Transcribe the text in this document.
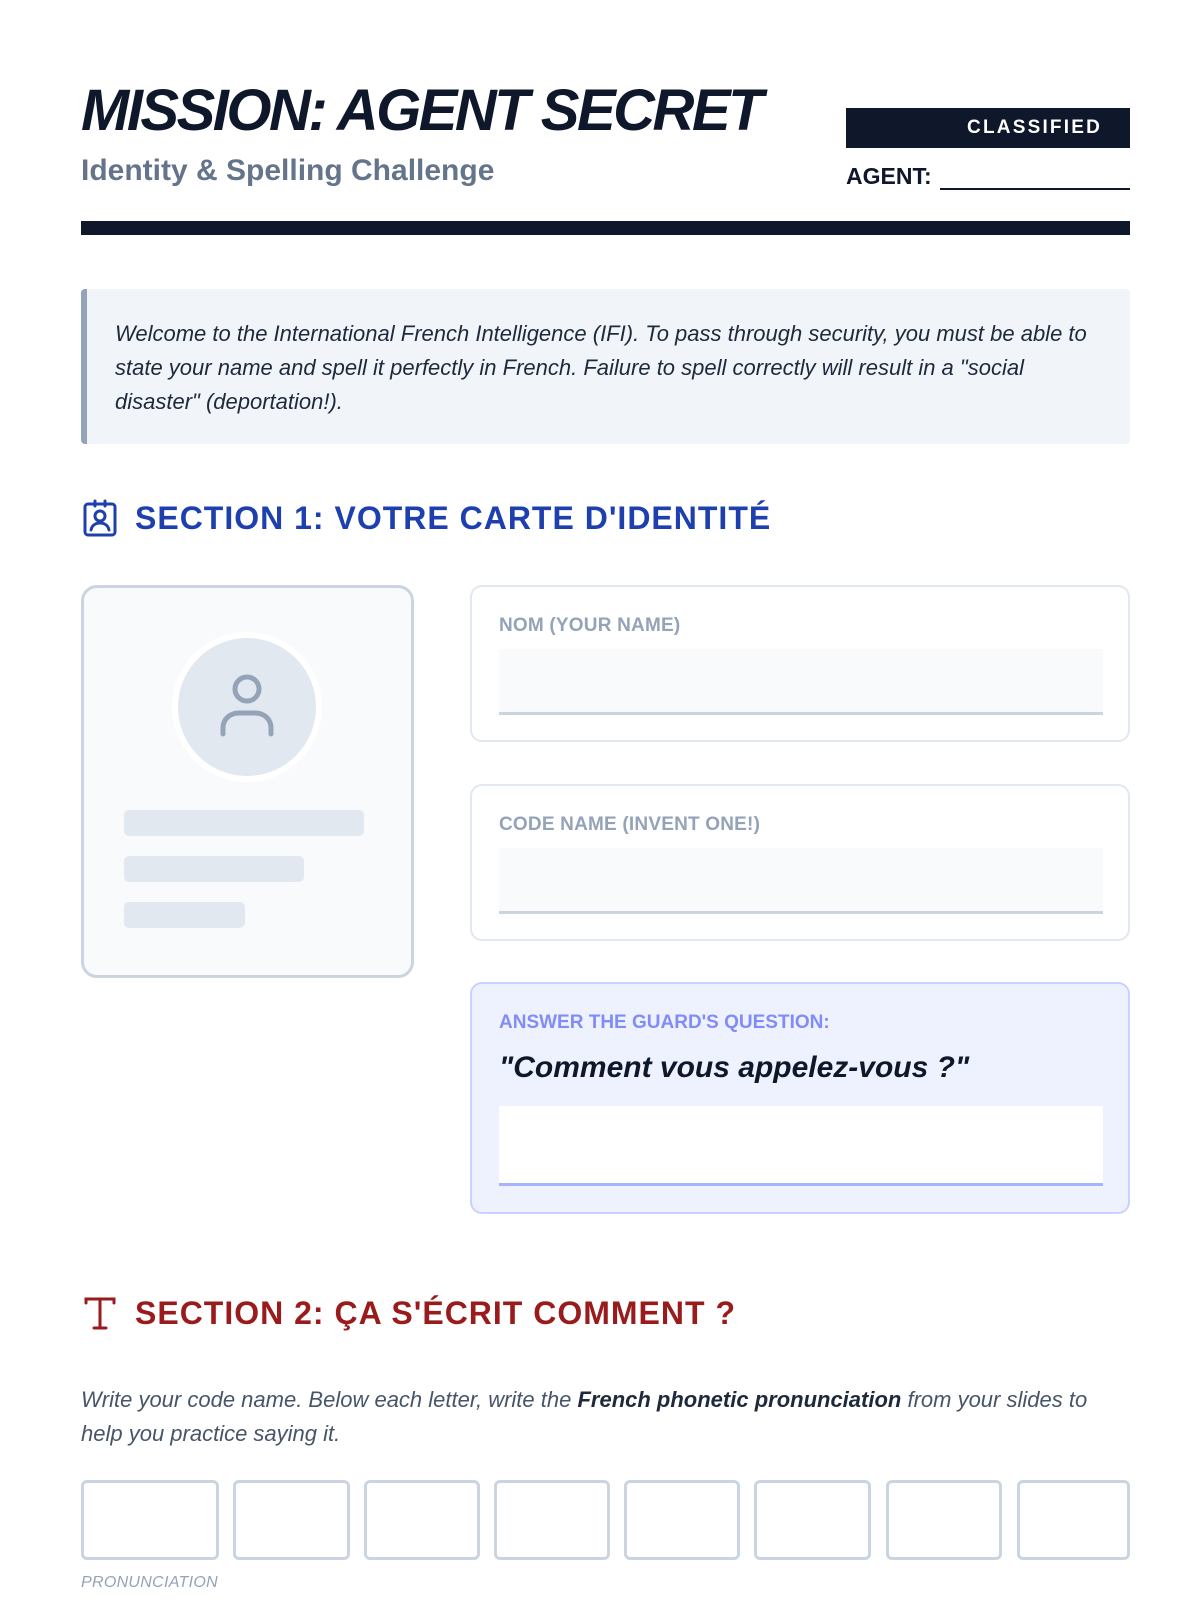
MISSION: AGENT SECRET
Identity & Spelling Challenge
CLASSIFIED
AGENT:

Welcome to the International French Intelligence (IFI). To pass through security, you must be able to state your name and spell it perfectly in French. Failure to spell correctly will result in a "social disaster" (deportation!).

SECTION 1: VOTRE CARTE D'IDENTITÉ
NOM (YOUR NAME)
CODE NAME (INVENT ONE!)
ANSWER THE GUARD'S QUESTION:
"Comment vous appelez-vous ?"
SECTION 2: ÇA S'ÉCRIT COMMENT ?
Write your code name. Below each letter, write the French phonetic pronunciation from your slides to help you practice saying it.
PRONUNCIATION
